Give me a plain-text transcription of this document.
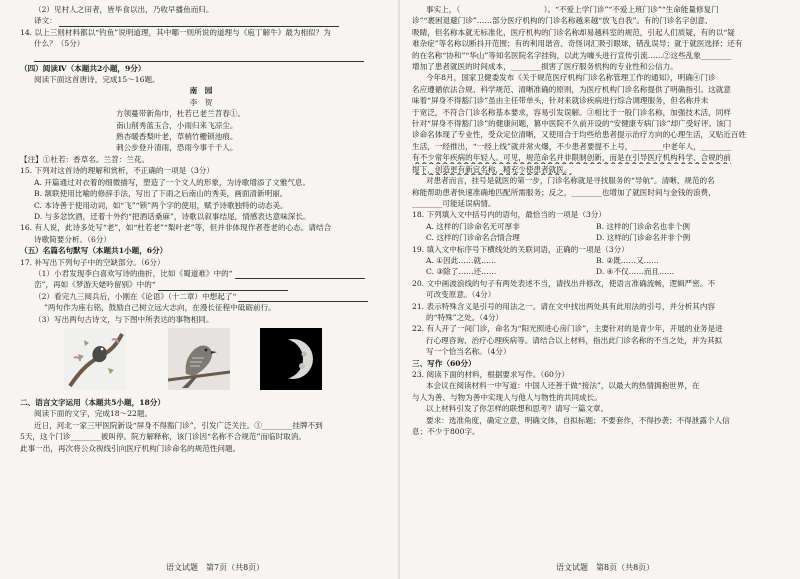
（2）见村人之田者，皆毕食以出，乃收早播鱼而归。
译文：
14. 以上三则材料都以“钓鱼”说明道理，其中哪一则所说的道理与《庖丁解牛》最为相似？为
什么？（5分）
（四）阅读Ⅳ（本题共2小题，9分）
阅读下面这首唐诗，完成15～16题。
南　园
李　贺
方领蔓带新角巾，杜若已老兰苕春①。
南山削秀蓝玉合，小雨归来飞凉尘。
熟杏暖香梨叶老，草梢竹栅锁池痕。
刺公步登升清雨，恐雨今事千千人。
【注】①杜若：香草名。兰苕：兰花。
15. 下列对这首诗的理解和赏析，不正确的一项是（3分）
A. 开篇通过对衣着的细微描写，塑造了一个文人的形象，为诗歌增添了文雅气息。
B. 颔联使用比喻的修辞手法，写出了下雨之后南山的秀美，画面清新明丽。
C. 本诗善于使用动词，如“飞”“锁”两个字的使用，赋予诗歌独特的动态美。
D. 与多忿饮酒，迁着十外约“把酒话桑麻”，诗歌以叙事结尾，情感表达意味深长。
16. 有人说，此诗多处写“老”，如“杜若老”“梨叶老”等，但并非体现作者苍老的心态。请结合
诗歌简要分析。（6分）
（五）名篇名句默写（本题共1小题，6分）
17. 补写出下列句子中的空缺部分。（6分）
（1）小君发现李白喜欢写诗的曲折，比如《蜀道难》中的“
峦”，再如《梦游天姥吟留别》中的“
（2）看完九三阅兵后，小刚在《论语》（十二章）中想起了“
”两句作为座右铭，鼓励自己树立远大志向，在漫长征程中砥砺前行。
（3）写出两句古诗文，与下图中所表达的事物相同。
二、语言文字运用（本题共5小题，18分）
阅读下面的文字，完成18～22题。
近日，河北一家三甲医院新设“屏身不得豁门诊”，引发广泛关注。①________挂牌不到
5天，这个门诊________被叫停。院方解释称，该门诊因“名称不合规范”而临时取消。
此事一出，再次将公众视线引向医疗机构门诊命名的规范性问题。
语文试题　第7页（共8页）
事实上，（　　　　　　　　　　　）。“不爱上学门诊”“不爱上班门诊”“生命能量修复门
诊”“裹困退避门诊”……部分医疗机构的门诊名称越来越“放飞自我”。有的门诊名字创意、
吸睛，但名称本就无标准化，医疗机构的门诊名称却易越科室的规范，引起人们质疑，有的以“疑
难杂症”等名称以断抖开范围；有的利用谐音、奇怪词汇吸引眼球，错乱误导；就于就医选择；还有
的在名称“协和”“华山”等知名医院名字挂钩，以此为噱头进行宣传引流……②这些乱象________
增加了患者就医的时间成本，________损害了医疗服务机构的专业性和公信力。
今年8月，国家卫健委发布《关于规范医疗机构门诊名称管理工作的通知》，明确④门诊
名应遵循依法合规、科学规范、清晰准确的原则，为医疗机构门诊名称提供了明确指引。这就意
味着“屏身不得豁门诊”虽由主任带单头，针对来就诊疾病进行综合调理服务，但名称并未
于宽泛，不符合门诊名称基本要求，容易引发误解。③相比于一般门诊名称，加强技术活，同样
针对“屏身不得豁门诊”的健康问题，篡中医院不久前开设的“安健康专病门诊”却广受好评。该门
诊命名体现了专业性，受众定位清晰，又使用合于均些给患者提示治疗方向的心理生活，又贴近百姓
生活，一经推出，“一经上线”就并常火爆，不少患者要提不上号，________中老年人，________
有不少常年疾病的年轻人。可见，规范命名并非限制创新，而是在引导医疗机构科学、合规的前
提下，创造更有新宜名称，精充少使患者就医。
对患者而言，挂号是就医的第一步，门诊名称就是寻找服务的“导航”。清晰、规范的名
称能帮助患者快速准确地匹配所需服务；反之，________也增加了就医时间与金钱的浪费，
________可能延误病情。
18. 下列填入文中括号内的语句，最恰当的一项是（3分）
A. 这样的门诊命名无可厚非	B. 这样的门诊命名也非个例
C. 这样的门诊命名合情合理	D. 这样的门诊命名并非个例
19. 填入文中标序号下横线处的关联词语，正确的一项是（3分）
A. ①因此……就……	B. ②既……又……
C. ③除了……还……	D. ④不仅……而且……
20. 文中画波浪线的句子有两处表述不当，请找出并修改，使语言准确流畅，逻辑严密。不
可改变原意。（4分）
21. 表示特殊含义是引号的用法之一。请在文中找出两处具有此用法的引号，并分析其内容
的“特殊”之处。（4分）
22. 有人开了一间门诊，命名为“阳光照进心房门诊”，主要针对的是青少年，开展的业务是进
行心理咨询、治疗心理疾病等。请结合以上材料，指出此门诊名称的不当之处，并为其拟
写一个恰当名称。（4分）
三、写作（60分）
23. 阅读下面的材料，根据要求写作。（60分）
本会议在阅读材料一中写道：中国人还善于做“接法”，以最大的热情拥抱世界，在
与人为善、与物为善中实现人与他人与物性的共同成长。
以上材料引发了你怎样的联想和思考？请写一篇文章。
要求：选准角度，确定立意，明确文体，自拟标题；不要套作，不得抄袭；不得泄露个人信
息；不少于800字。
语文试题　第8页（共8页）
